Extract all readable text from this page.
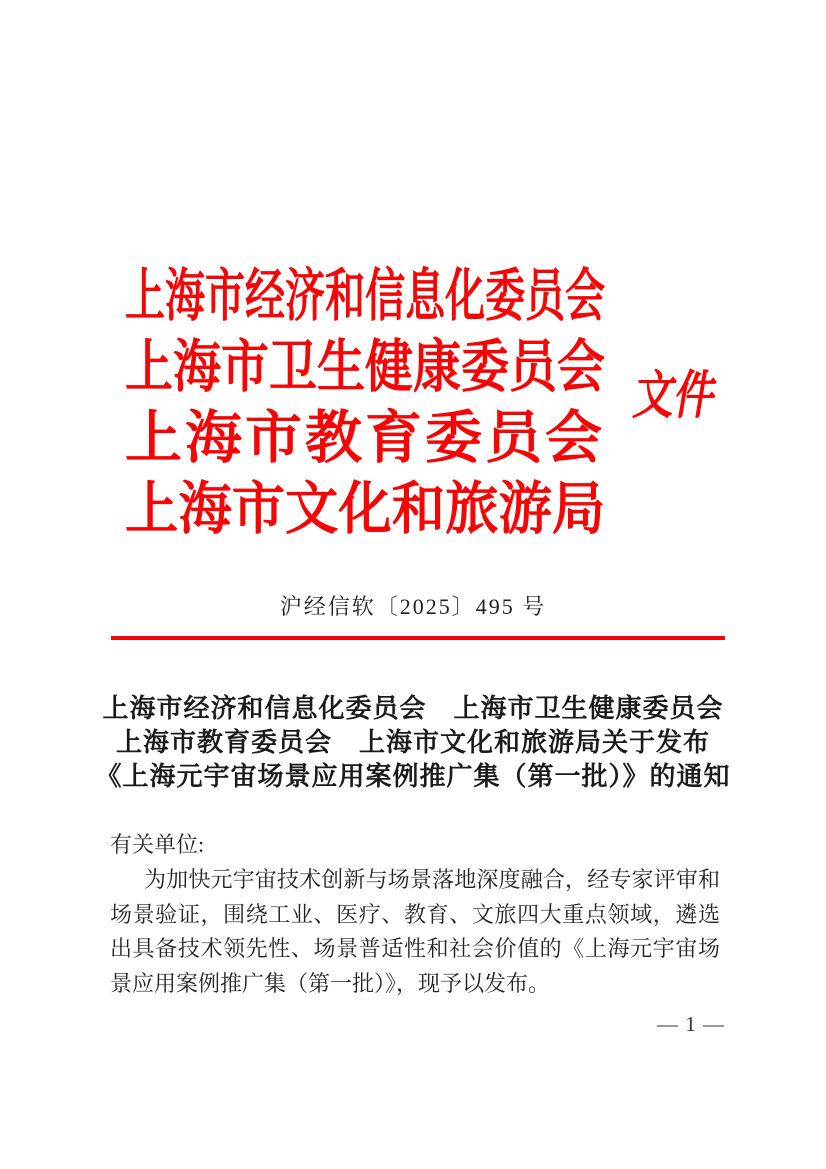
上海市经济和信息化委员会
上海市卫生健康委员会
上海市教育委员会
上海市文化和旅游局
文件
沪经信软〔2025〕495 号
上海市经济和信息化委员会　上海市卫生健康委员会
上海市教育委员会　上海市文化和旅游局关于发布
《上海元宇宙场景应用案例推广集（第一批）》的通知

有关单位:

为加快元宇宙技术创新与场景落地深度融合，经专家评审和场景验证，围绕工业、医疗、教育、文旅四大重点领域，遴选出具备技术领先性、场景普适性和社会价值的《上海元宇宙场景应用案例推广集（第一批）》，现予以发布。

— 1 —
